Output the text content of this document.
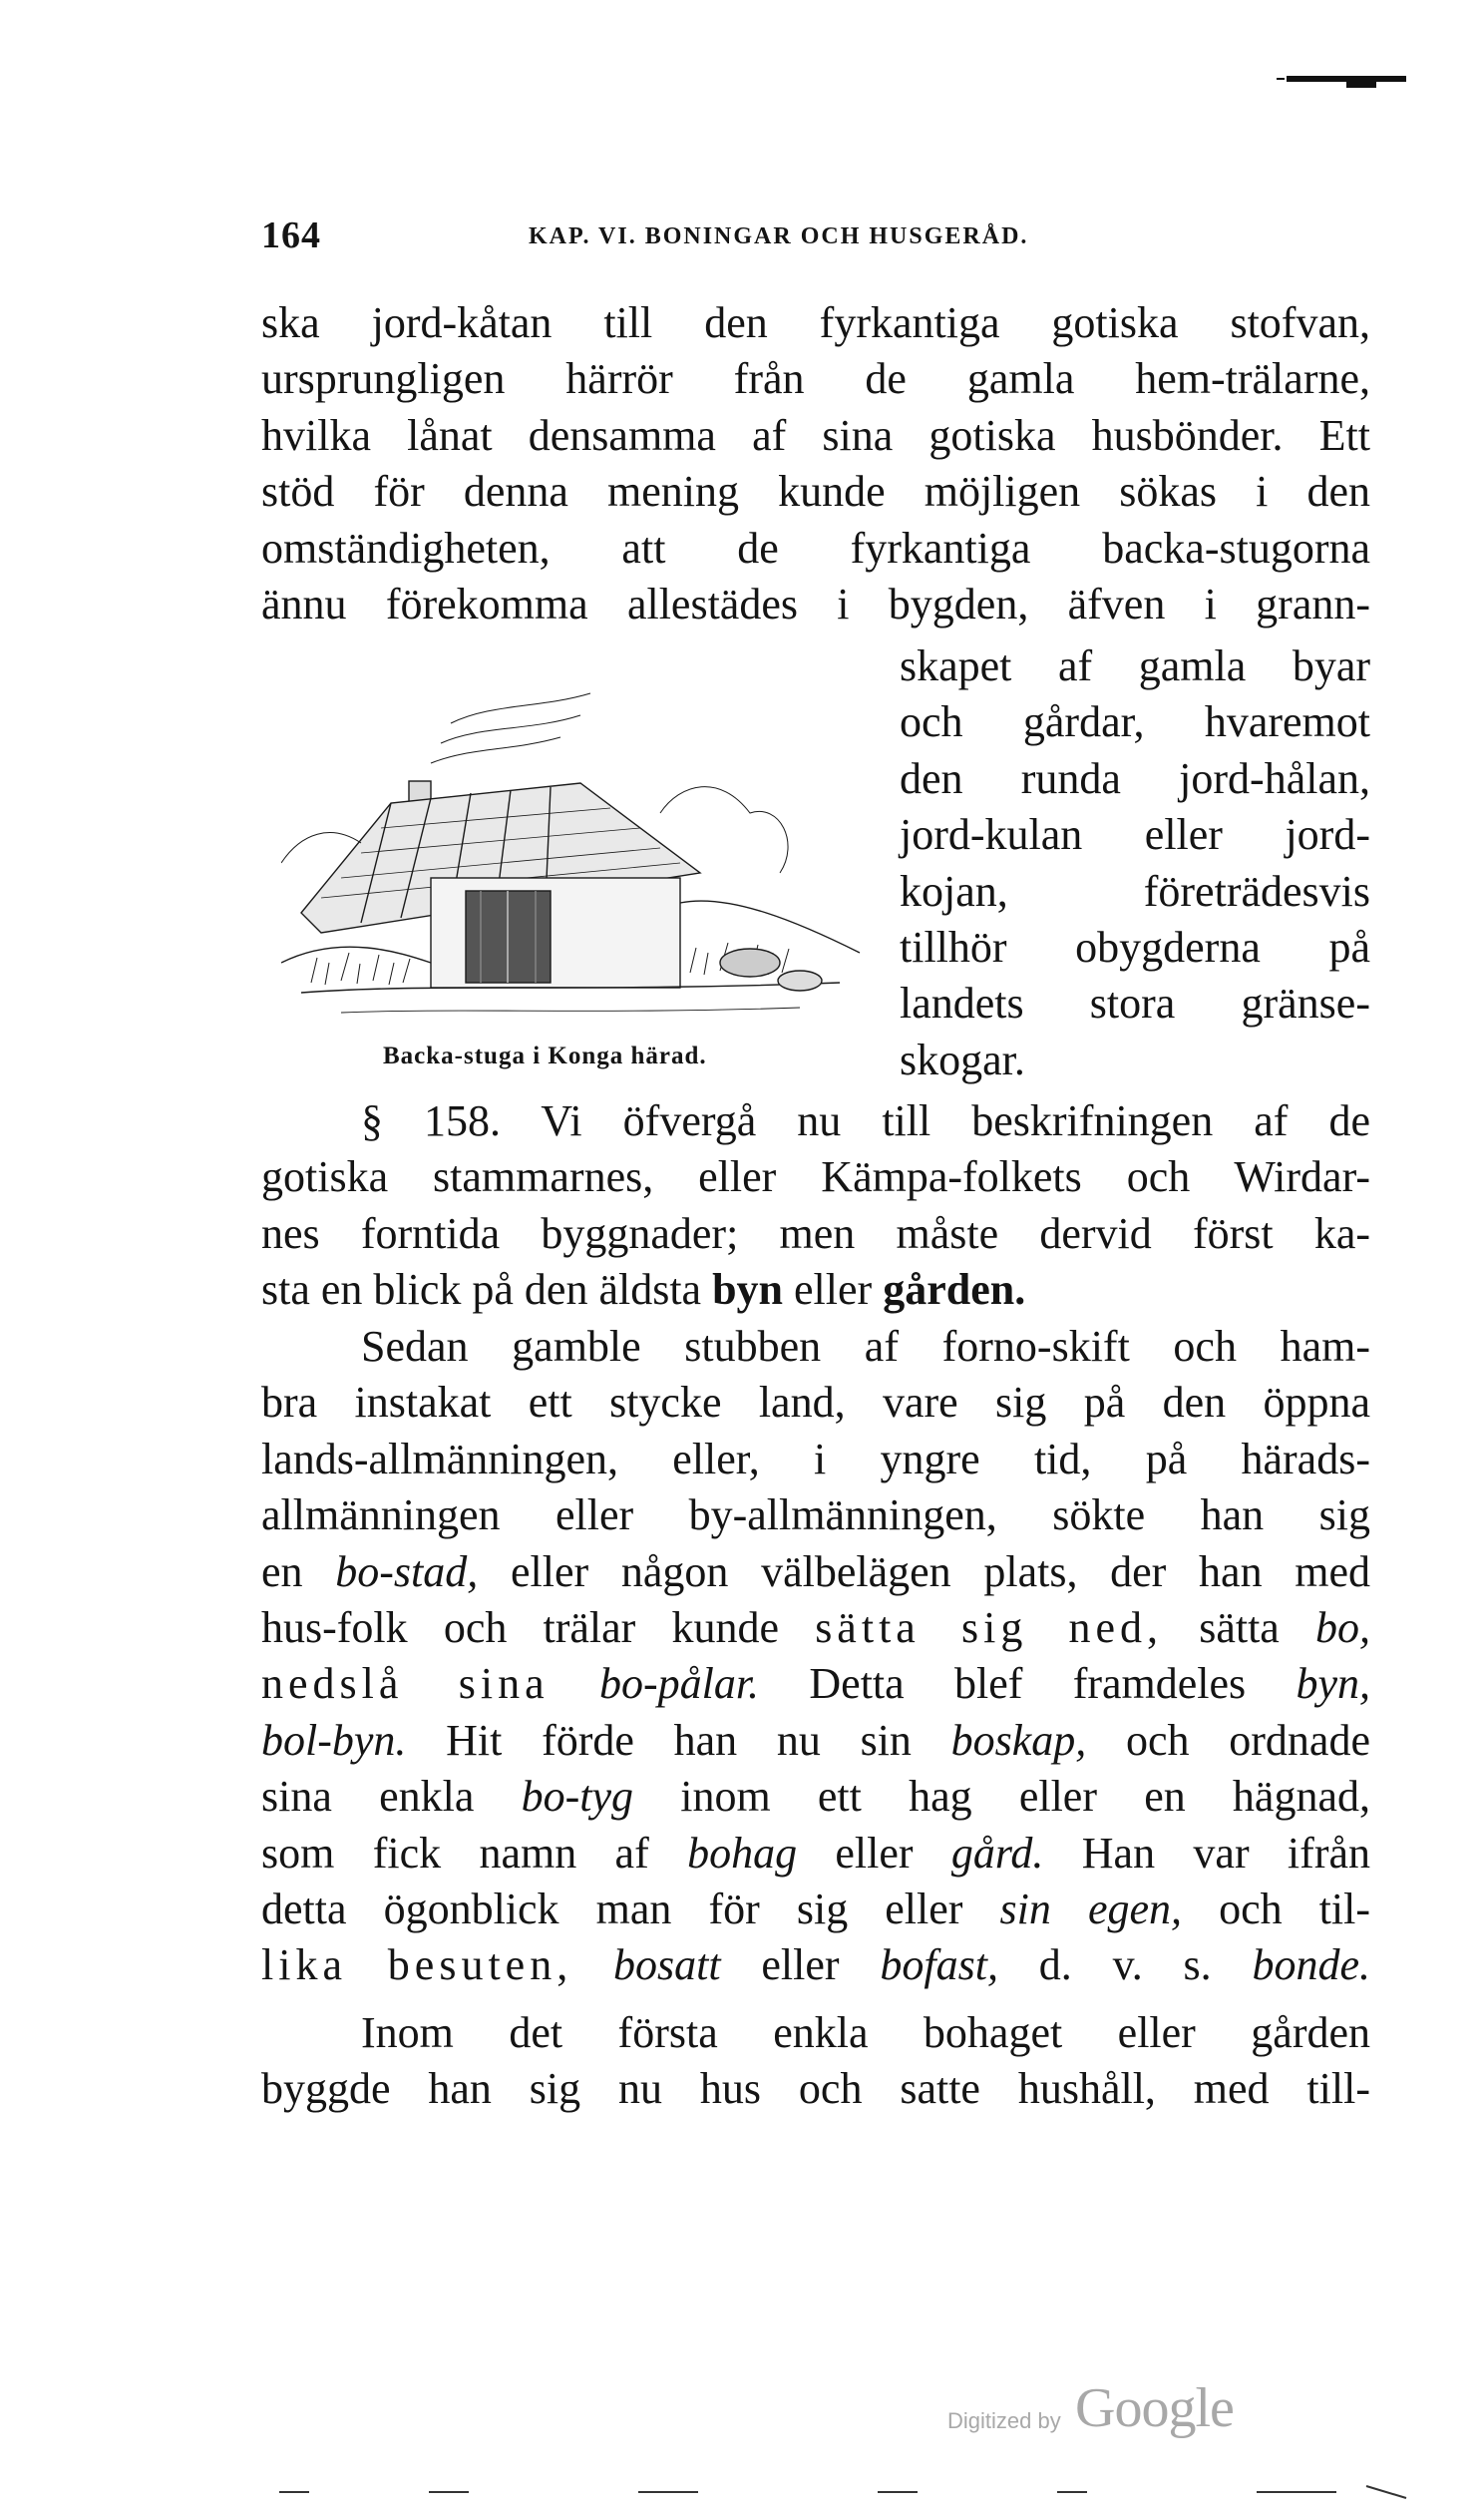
164	KAP. VI. BONINGAR OCH HUSGERÅD.
ska jord-kåtan till den fyrkantiga gotiska stofvan,
ursprungligen härrör från de gamla hem-trälarne,
hvilka lånat densamma af sina gotiska husbönder. Ett
stöd för denna mening kunde möjligen sökas i den
omständigheten, att de fyrkantiga backa-stugorna
ännu förekomma allestädes i bygden, äfven i grann-
skapet af gamla byar
och gårdar, hvaremot
den runda jord-hålan,
jord-kulan eller jord-
kojan, företrädesvis
tillhör obygderna på
landets stora gränse-
skogar.
Backa-stuga i Konga härad.
§ 158. Vi öfvergå nu till beskrifningen af de
gotiska stammarnes, eller Kämpa-folkets och Wirdar-
nes forntida byggnader; men måste dervid först ka-
sta en blick på den äldsta byn eller gården.
Sedan gamble stubben af forno-skift och ham-
bra instakat ett stycke land, vare sig på den öppna
lands-allmänningen, eller, i yngre tid, på härads-
allmänningen eller by-allmänningen, sökte han sig
en bo-stad, eller någon välbelägen plats, der han med
hus-folk och trälar kunde sätta sig ned, sätta bo,
nedslå sina bo-pålar. Detta blef framdeles byn,
bol-byn. Hit förde han nu sin boskap, och ordnade
sina enkla bo-tyg inom ett hag eller en hägnad,
som fick namn af bohag eller gård. Han var ifrån
detta ögonblick man för sig eller sin egen, och til-
lika besuten, bosatt eller bofast, d. v. s. bonde.
Inom det första enkla bohaget eller gården
byggde han sig nu hus och satte hushåll, med till-
Digitized by Google
